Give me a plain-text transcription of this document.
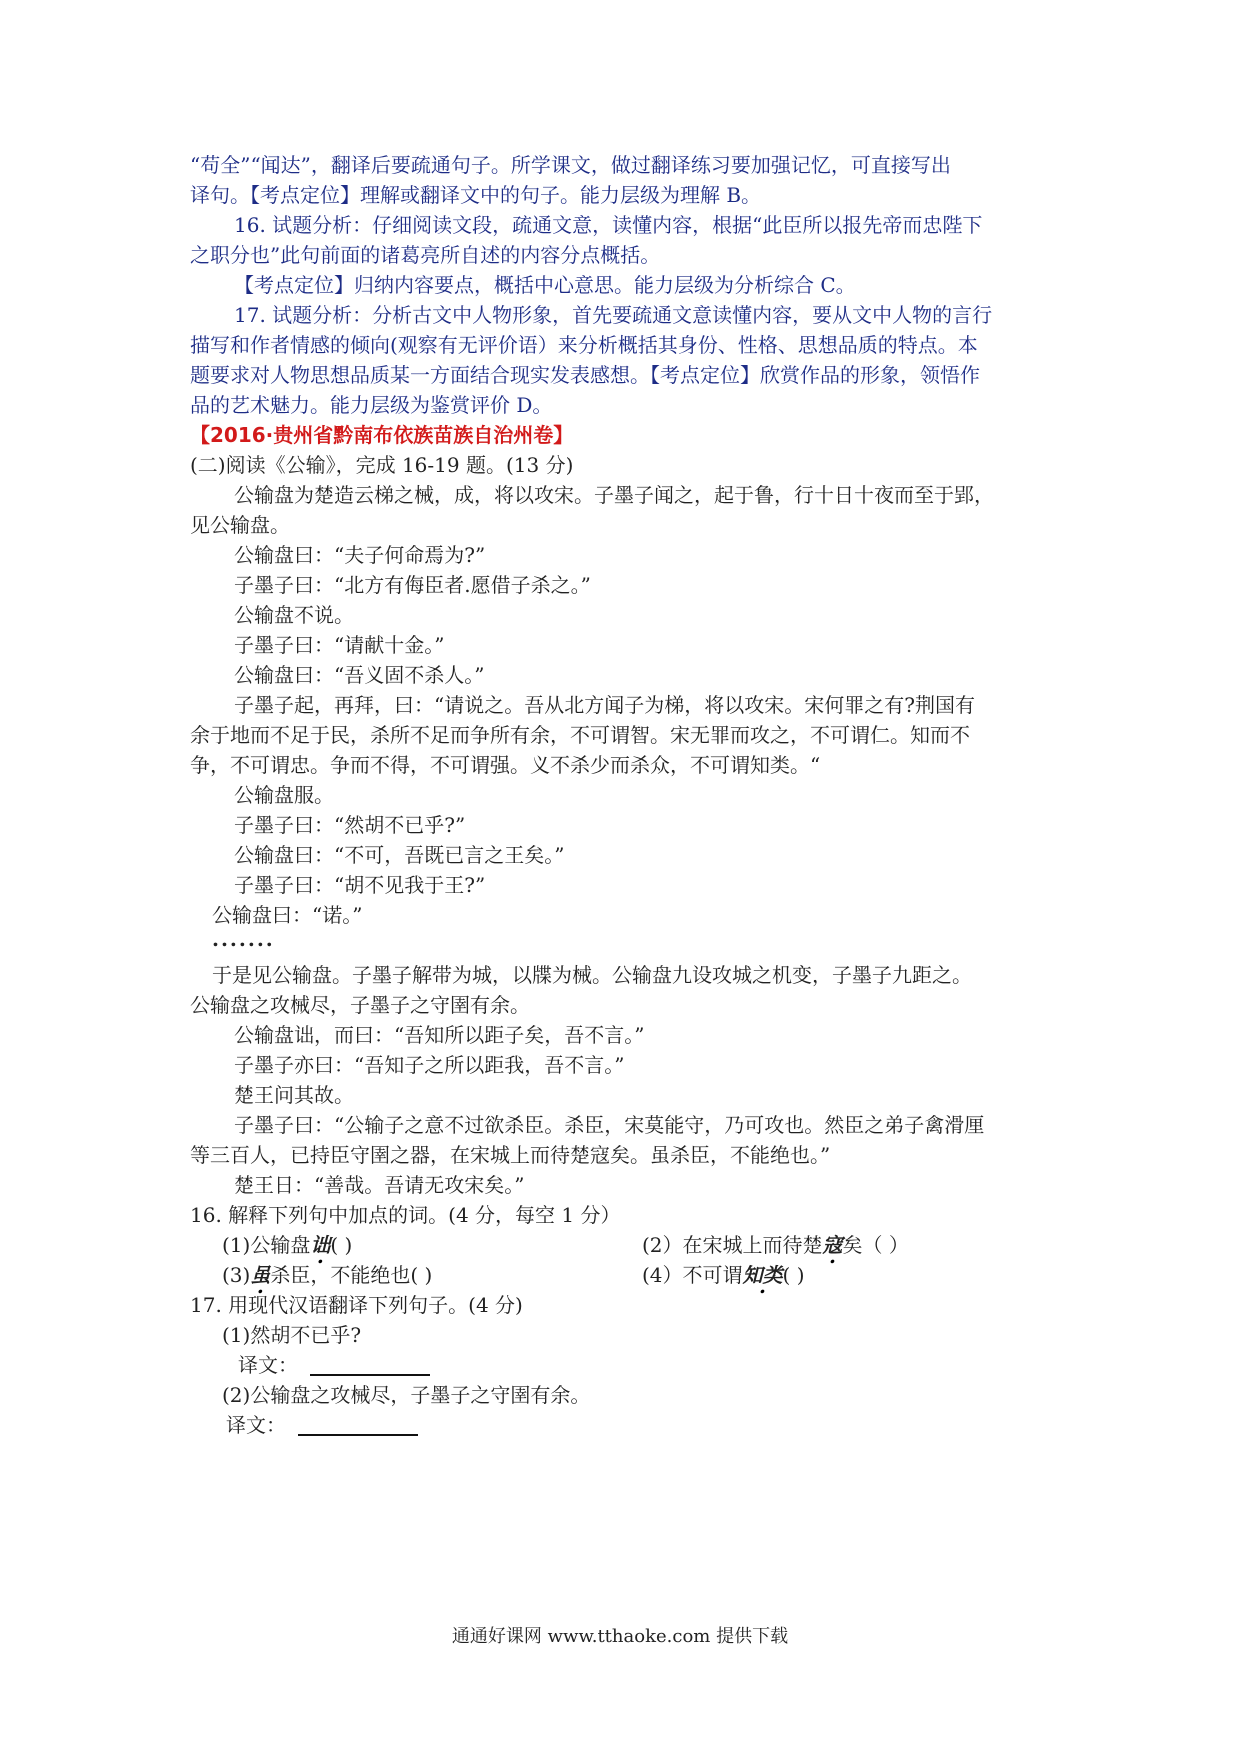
“苟全”“闻达”，翻译后要疏通句子。所学课文，做过翻译练习要加强记忆，可直接写出
译句。【考点定位】理解或翻译文中的句子。能力层级为理解 B。
16. 试题分析：仔细阅读文段，疏通文意，读懂内容，根据“此臣所以报先帝而忠陛下
之职分也”此句前面的诸葛亮所自述的内容分点概括。
【考点定位】归纳内容要点，概括中心意思。能力层级为分析综合 C。
17. 试题分析：分析古文中人物形象，首先要疏通文意读懂内容，要从文中人物的言行
描写和作者情感的倾向(观察有无评价语）来分析概括其身份、性格、思想品质的特点。本
题要求对人物思想品质某一方面结合现实发表感想。【考点定位】欣赏作品的形象，领悟作
品的艺术魅力。能力层级为鉴赏评价 D。
【2016·贵州省黔南布依族苗族自治州卷】
(二)阅读《公输》，完成 16-19 题。(13 分)
公输盘为楚造云梯之械，成，将以攻宋。子墨子闻之，起于鲁，行十日十夜而至于郢，
见公输盘。
公输盘曰：“夫子何命焉为?”
子墨子曰：“北方有侮臣者.愿借子杀之。”
公输盘不说。
子墨子曰：“请献十金。”
公输盘曰：“吾义固不杀人。”
子墨子起，再拜，曰：“请说之。吾从北方闻子为梯，将以攻宋。宋何罪之有?荆国有
余于地而不足于民，杀所不足而争所有余，不可谓智。宋无罪而攻之，不可谓仁。知而不
争，不可谓忠。争而不得，不可谓强。义不杀少而杀众，不可谓知类。“
公输盘服。
子墨子曰：“然胡不已乎?”
公输盘曰：“不可，吾既已言之王矣。”
子墨子曰：“胡不见我于王?”
公输盘曰：“诺。”
.......
于是见公输盘。子墨子解带为城，以牒为械。公输盘九设攻城之机变，子墨子九距之。
公输盘之攻械尽，子墨子之守圉有余。
公输盘诎，而曰：“吾知所以距子矣，吾不言。”
子墨子亦曰：“吾知子之所以距我，吾不言。”
楚王问其故。
子墨子曰：“公输子之意不过欲杀臣。杀臣，宋莫能守，乃可攻也。然臣之弟子禽滑厘
等三百人，已持臣守圉之器，在宋城上而待楚寇矣。虽杀臣，不能绝也。”
楚王日：“善哉。吾请无攻宋矣。”
16. 解释下列句中加点的词。(4 分，每空 1 分）
(1)公输盘诎( )	(2）在宋城上而待楚寇矣（ ）
(3)虽杀臣，不能绝也( )	(4）不可谓知类( )
17. 用现代汉语翻译下列句子。(4 分)
(1)然胡不已乎?
译文：
(2)公输盘之攻械尽，子墨子之守圉有余。
译文：
通通好课网 www.tthaoke.com 提供下载
